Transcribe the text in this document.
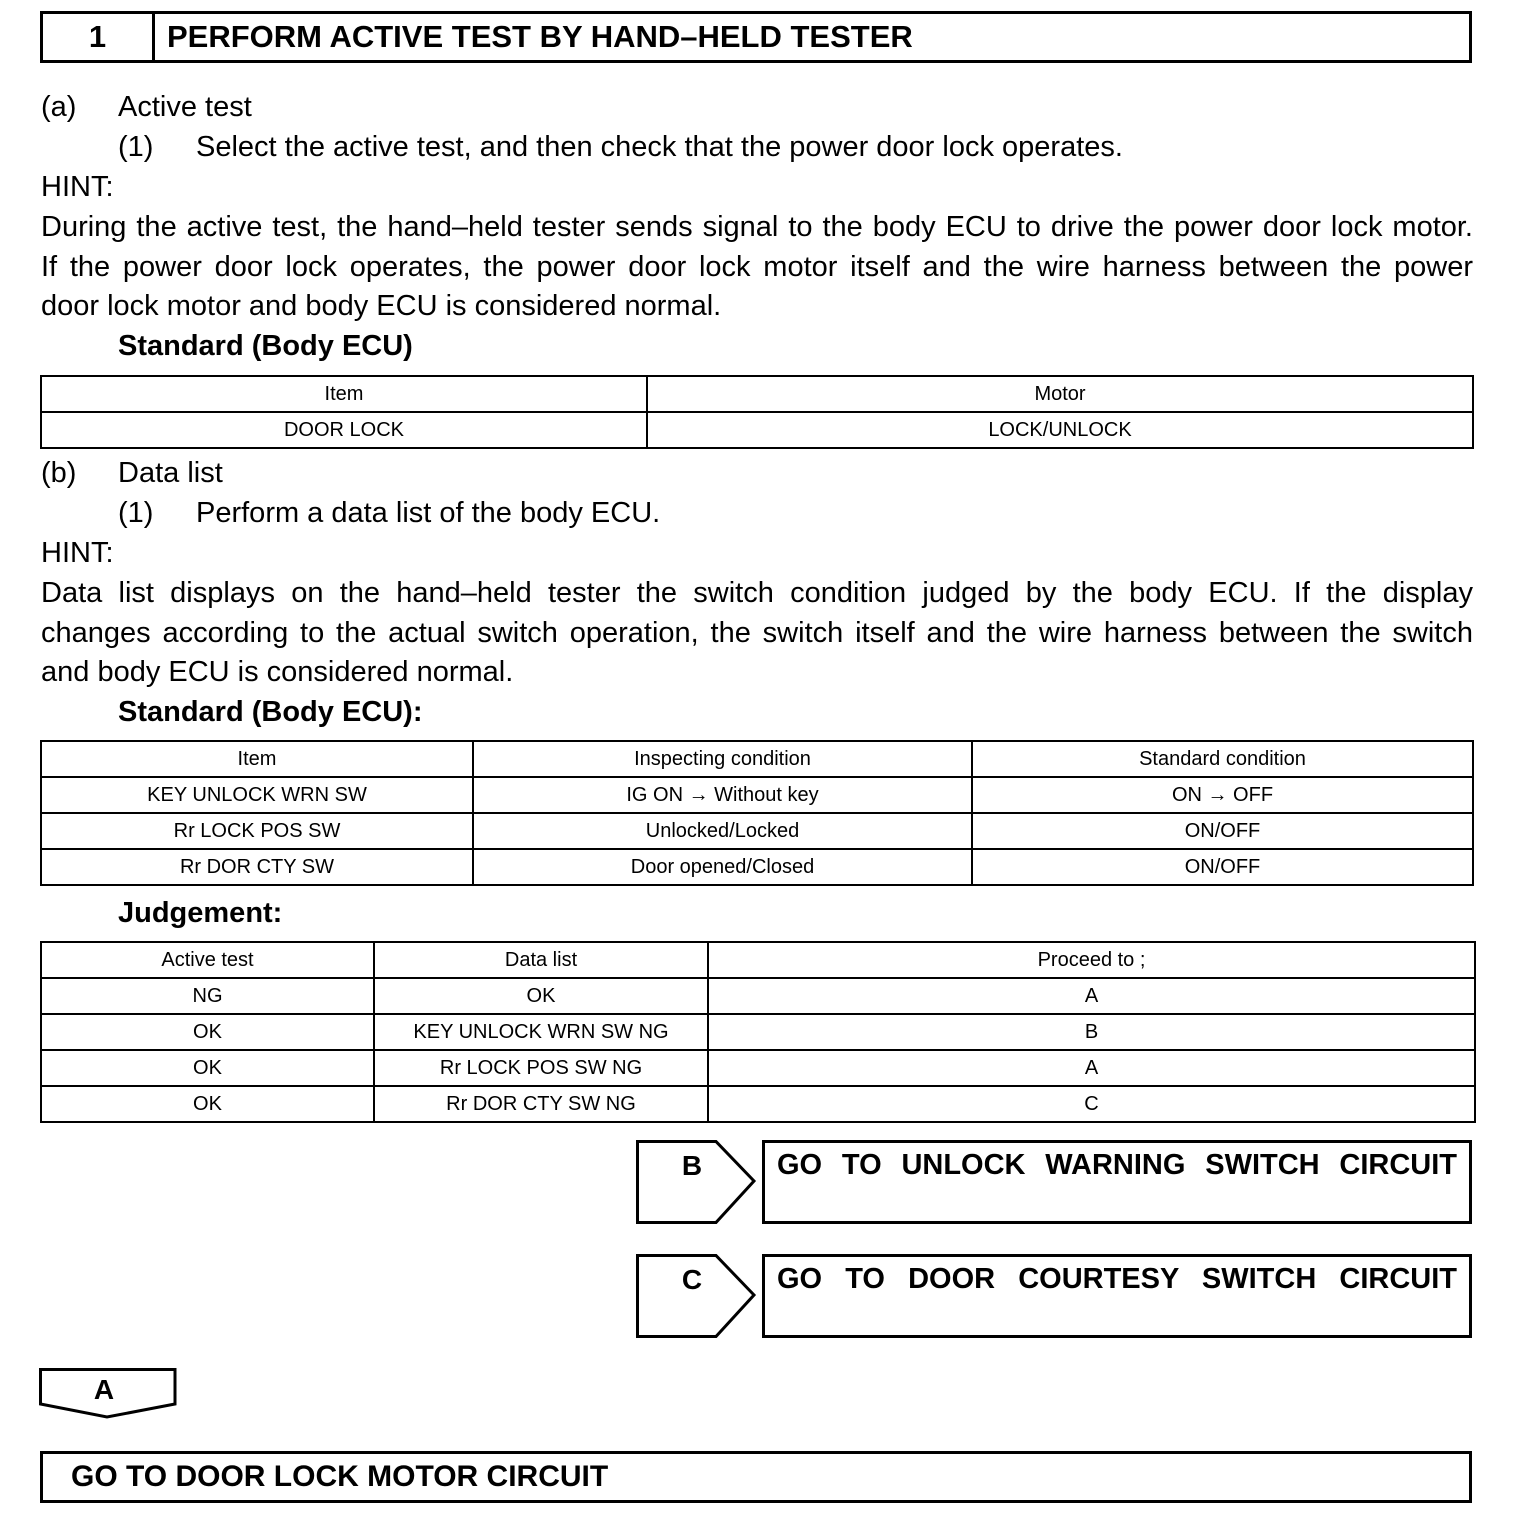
1	PERFORM ACTIVE TEST BY HAND–HELD TESTER
(a) Active test
(1) Select the active test, and then check that the power door lock operates.
HINT:
During the active test, the hand–held tester sends signal to the body ECU to drive the power door lock motor.
If the power door lock operates, the power door lock motor itself and the wire harness between the power
door lock motor and body ECU is considered normal.
Standard (Body ECU)
Item	Motor
DOOR LOCK	LOCK/UNLOCK
(b) Data list
(1) Perform a data list of the body ECU.
HINT:
Data list displays on the hand–held tester the switch condition judged by the body ECU. If the display
changes according to the actual switch operation, the switch itself and the wire harness between the switch
and body ECU is considered normal.
Standard (Body ECU):
Item	Inspecting condition	Standard condition
KEY UNLOCK WRN SW	IG ON → Without key	ON → OFF
Rr LOCK POS SW	Unlocked/Locked	ON/OFF
Rr DOR CTY SW	Door opened/Closed	ON/OFF
Judgement:
Active test	Data list	Proceed to ;
NG	OK	A
OK	KEY UNLOCK WRN SW NG	B
OK	Rr LOCK POS SW NG	A
OK	Rr DOR CTY SW NG	C
B	GO TO UNLOCK WARNING SWITCH CIRCUIT
C	GO TO DOOR COURTESY SWITCH CIRCUIT
A
GO TO DOOR LOCK MOTOR CIRCUIT
